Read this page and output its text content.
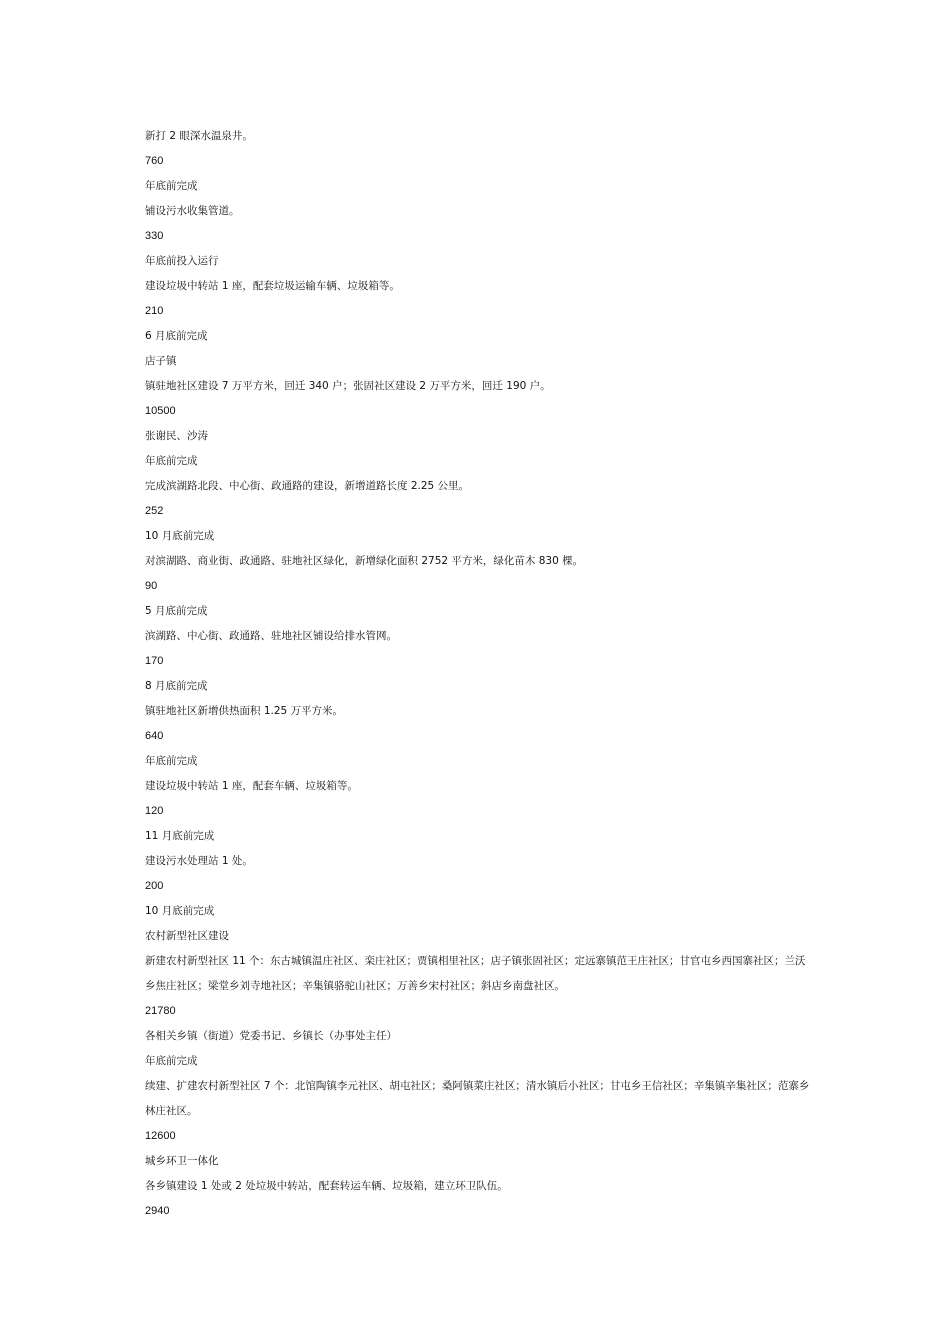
新打 2 眼深水温泉井。
760
年底前完成
铺设污水收集管道。
330
年底前投入运行
建设垃圾中转站 1 座，配套垃圾运输车辆、垃圾箱等。
210
6 月底前完成
店子镇
镇驻地社区建设 7 万平方米，回迁 340 户；张固社区建设 2 万平方米，回迁 190 户。
10500
张谢民、沙涛
年底前完成
完成滨湖路北段、中心街、政通路的建设，新增道路长度 2.25 公里。
252
10 月底前完成
对滨湖路、商业街、政通路、驻地社区绿化，新增绿化面积 2752 平方米，绿化苗木 830 棵。
90
5 月底前完成
滨湖路、中心街、政通路、驻地社区铺设给排水管网。
170
8 月底前完成
镇驻地社区新增供热面积 1.25 万平方米。
640
年底前完成
建设垃圾中转站 1 座，配套车辆、垃圾箱等。
120
11 月底前完成
建设污水处理站 1 处。
200
10 月底前完成
农村新型社区建设
新建农村新型社区 11 个：东古城镇温庄社区、栾庄社区；贾镇相里社区；店子镇张固社区；定远寨镇范王庄社区；甘官屯乡西国寨社区；兰沃乡焦庄社区；梁堂乡刘寺地社区；辛集镇骆驼山社区；万善乡宋村社区；斜店乡南盘社区。
21780
各相关乡镇（街道）党委书记、乡镇长（办事处主任）
年底前完成
续建、扩建农村新型社区 7 个：北馆陶镇李元社区、胡屯社区；桑阿镇菜庄社区；清水镇后小社区；甘屯乡王信社区；辛集镇辛集社区；范寨乡林庄社区。
12600
城乡环卫一体化
各乡镇建设 1 处或 2 处垃圾中转站，配套转运车辆、垃圾箱，建立环卫队伍。
2940
